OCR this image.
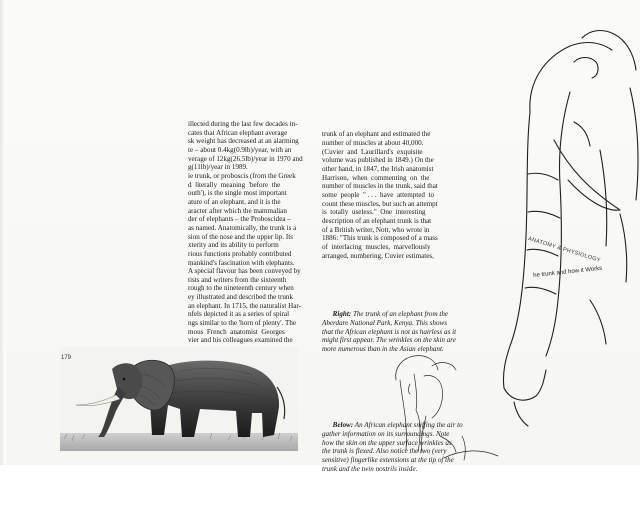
illected during the last few decades in-
cates that African elephant average
sk weight has decreased at an alarming
te – about 0.4kg(0.9lb)/year, with an
verage of 12kg(26.5lb)/year in 1970 and
g(11lb)/year in 1989.
ie trunk, or proboscis (from the Greek
d  literally  meaning  'before  the
outh'), is the single most important
ature of an elephant, and it is the
aracter after which the mammalian
der of elephants – the Proboscidea –
as named. Anatomically, the trunk is a
sion of the nose and the upper lip. Its
xterity and its ability to perform
rious functions probably contributed
mankind's fascination with elephants.
A special flavour has been conveyed by
tists and writers from the sixteenth
rough to the nineteenth century when
ey illustrated and described the trunk
an elephant. In 1715, the naturalist Har-
nfels depicted it as a series of spiral
ngs similar to the 'horn of plenty'. The
mous  French  anatomist  Georges
vier and his colleagues examined the

trunk of an elephant and estimated the
number of muscles at about 40,000.
(Cuvier  and  Laurillard's  exquisite
volume was published in 1849.) On the
other hand, in 1847, the Irish anatomist
Harrison,  when  commenting  on  the
number of muscles in the trunk, said that
some  people  " . . .  have  attempted  to
count these muscles, but such an attempt
is  totally  useless."  One  interesting
description of an elephant trunk is that
of a British writer, Nott, who wrote in
1886: "This trunk is composed of a mass
of  interlacing  muscles,  marvellously
arranged, numbering, Cuvier estimates,

Right: The trunk of an elephant from the
Aberdare National Park, Kenya. This shows
that the African elephant is not as hairless as it
might first appear. The wrinkles on the skin are
more numerous than in the Asian elephant.

Below: An African elephant sniffing the air to
gather information on its surroundings. Note
how the skin on the upper surface wrinkles as
the trunk is flexed. Also notice the two (very
sensitive) fingerlike extensions at the tip of the
trunk and the twin nostrils inside.

179
ANATOMY & PHYSIOLOGY
he trunk and how it Works
